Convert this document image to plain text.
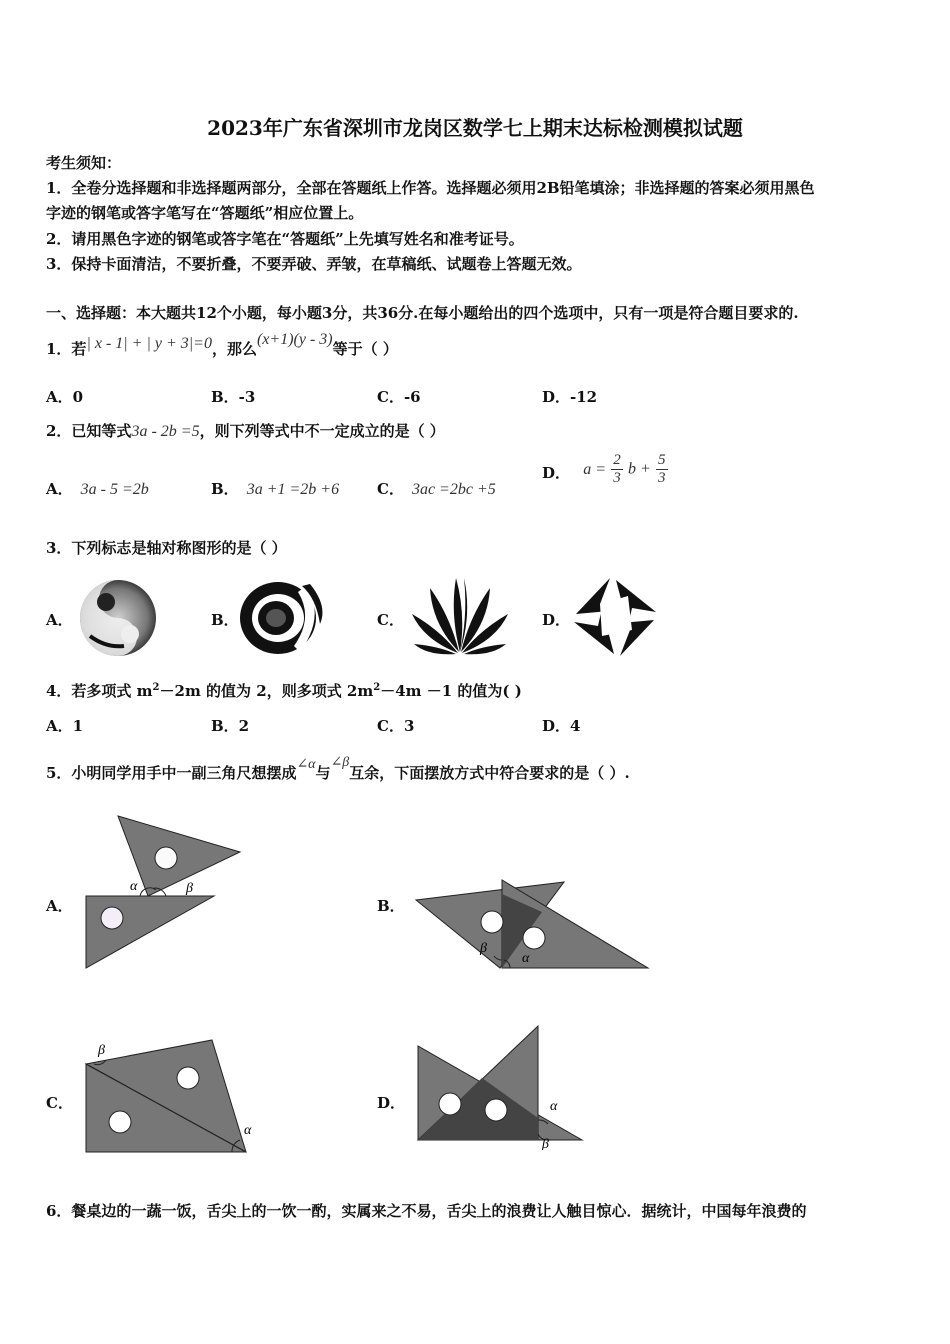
2023年广东省深圳市龙岗区数学七上期末达标检测模拟试题
考生须知：
1．全卷分选择题和非选择题两部分，全部在答题纸上作答。选择题必须用2B铅笔填涂；非选择题的答案必须用黑色
字迹的钢笔或答字笔写在“答题纸”相应位置上。
2．请用黑色字迹的钢笔或答字笔在“答题纸”上先填写姓名和准考证号。
3．保持卡面清洁，不要折叠，不要弄破、弄皱，在草稿纸、试题卷上答题无效。
一、选择题：本大题共12个小题，每小题3分，共36分.在每小题给出的四个选项中，只有一项是符合题目要求的.
1．若| x - 1| + | y + 3|=0，那么(x+1)(y - 3)等于（ ）
A．0	B．-3	C．-6	D．-12
2．已知等式3a - 2b =5，则下列等式中不一定成立的是（ ）
A． 3a - 5 =2b	B． 3a +1 =2b +6	C． 3ac =2bc +5
D． $a = \frac{2}{3}$ $b + \frac{5}{3}$
3．下列标志是轴对称图形的是（ ）
A．	B．	C．	D．
4．若多项式 $m^2-2m$ 的值为 2，则多项式 $2m^2-4m -1$ 的值为( )
A．1	B．2	C．3	D．4
5．小明同学用手中一副三角尺想摆成∠α与∠β互余，下面摆放方式中符合要求的是（ ）.
A．	B．
C．	D．
α	β
β
α
β
α
α
β
6．餐桌边的一蔬一饭，舌尖上的一饮一酌，实属来之不易，舌尖上的浪费让人触目惊心．据统计，中国每年浪费的
